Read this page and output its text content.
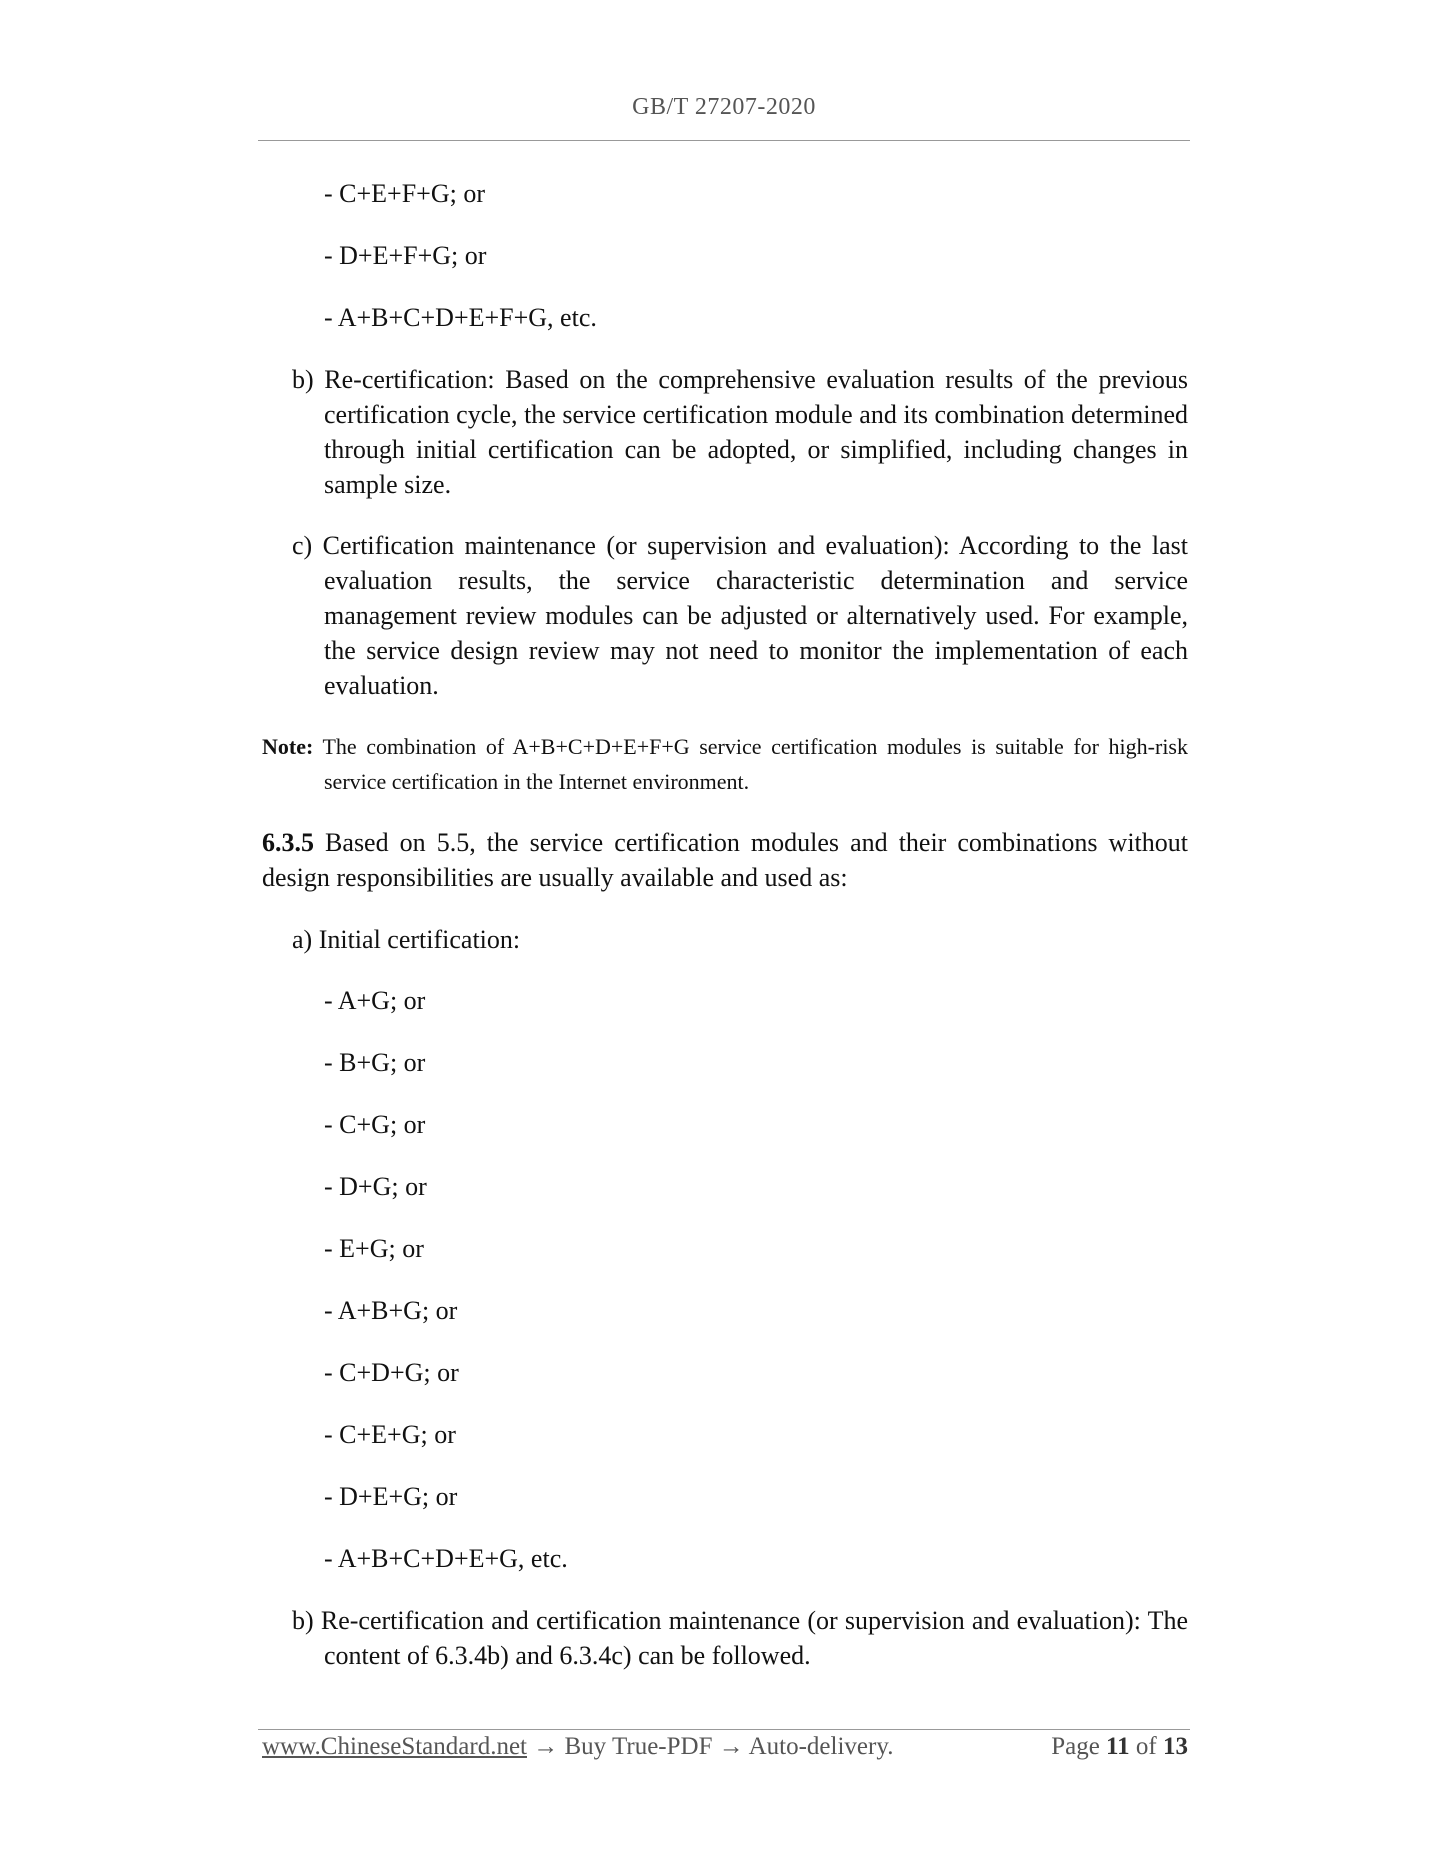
GB/T 27207-2020
- C+E+F+G; or
- D+E+F+G; or
- A+B+C+D+E+F+G, etc.
b) Re-certification: Based on the comprehensive evaluation results of the previous certification cycle, the service certification module and its combination determined through initial certification can be adopted, or simplified, including changes in sample size.
c) Certification maintenance (or supervision and evaluation): According to the last evaluation results, the service characteristic determination and service management review modules can be adjusted or alternatively used. For example, the service design review may not need to monitor the implementation of each evaluation.
Note: The combination of A+B+C+D+E+F+G service certification modules is suitable for high-risk service certification in the Internet environment.
6.3.5 Based on 5.5, the service certification modules and their combinations without design responsibilities are usually available and used as:
a) Initial certification:
- A+G; or
- B+G; or
- C+G; or
- D+G; or
- E+G; or
- A+B+G; or
- C+D+G; or
- C+E+G; or
- D+E+G; or
- A+B+C+D+E+G, etc.
b) Re-certification and certification maintenance (or supervision and evaluation): The content of 6.3.4b) and 6.3.4c) can be followed.
www.ChineseStandard.net → Buy True-PDF → Auto-delivery.	Page 11 of 13
